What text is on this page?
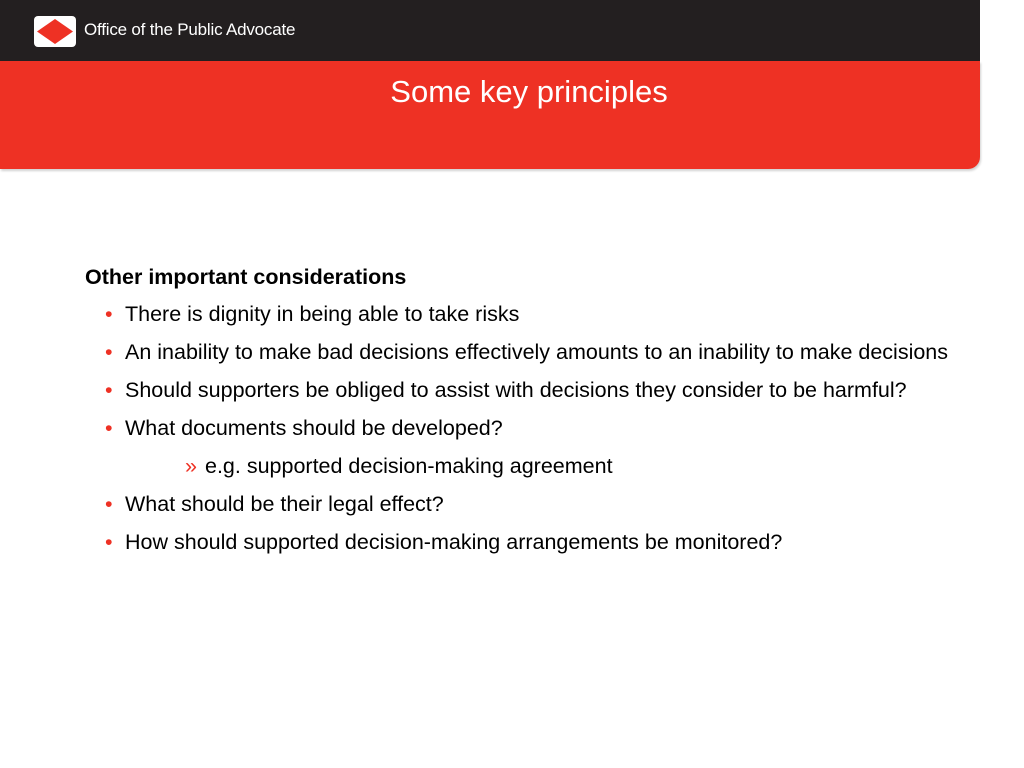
Office of the Public Advocate
Some key principles
Other important considerations
• There is dignity in being able to take risks
• An inability to make bad decisions effectively amounts to an inability to make decisions
• Should supporters be obliged to assist with decisions they consider to be harmful?
• What documents should be developed?
» e.g. supported decision-making agreement
• What should be their legal effect?
• How should supported decision-making arrangements be monitored?
